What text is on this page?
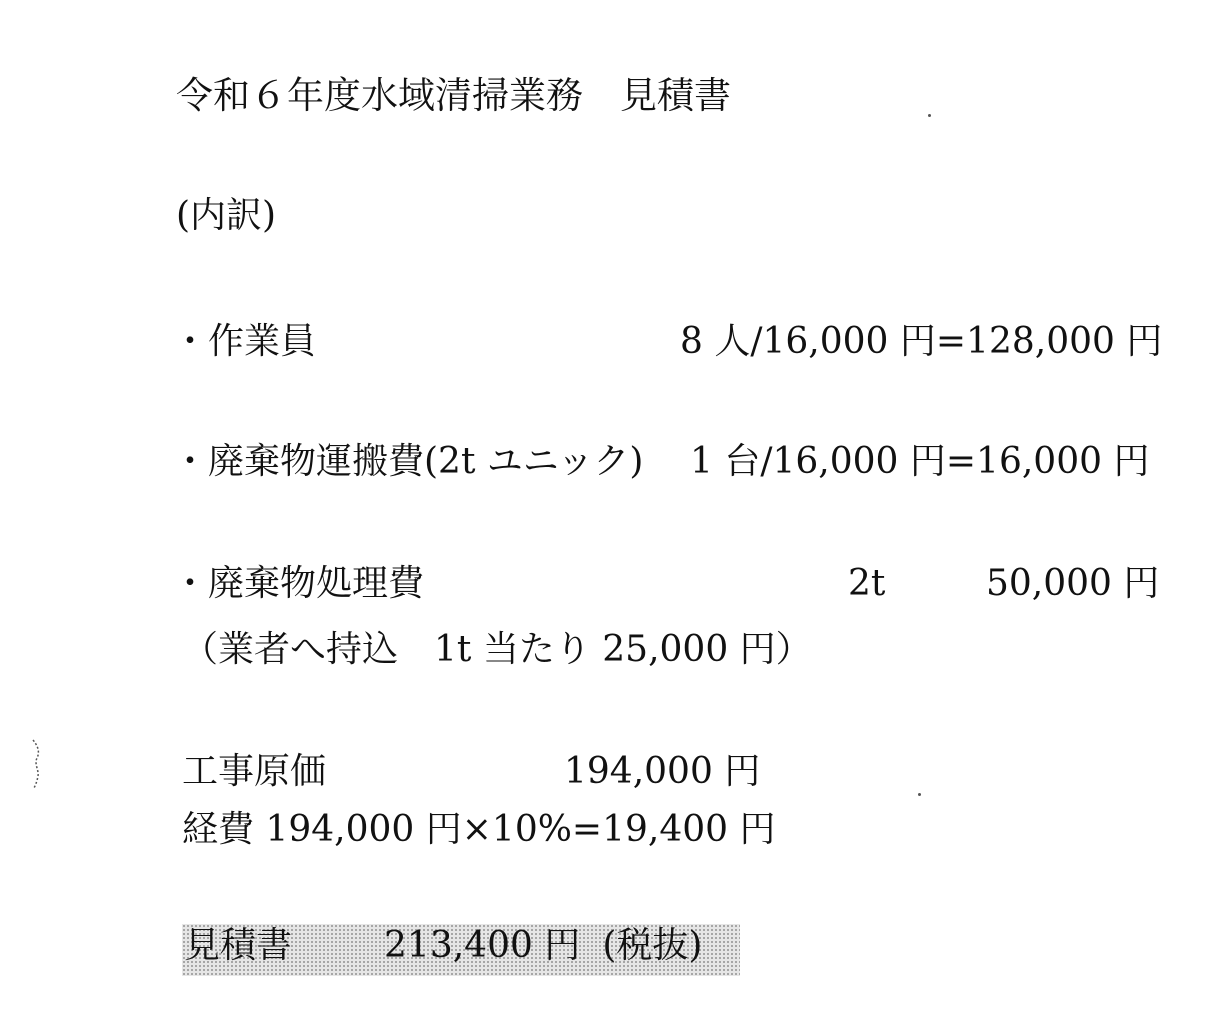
令和６年度水域清掃業務　見積書
(内訳)
・作業員	8 人/16,000 円=128,000 円
・廃棄物運搬費(2t ユニック) 1 台/16,000 円=16,000 円
・廃棄物処理費	2t	50,000 円
（業者へ持込　1t 当たり 25,000 円）
工事原価	194,000 円
経費 194,000 円×10%=19,400 円
見積書	213,400 円 (税抜)
